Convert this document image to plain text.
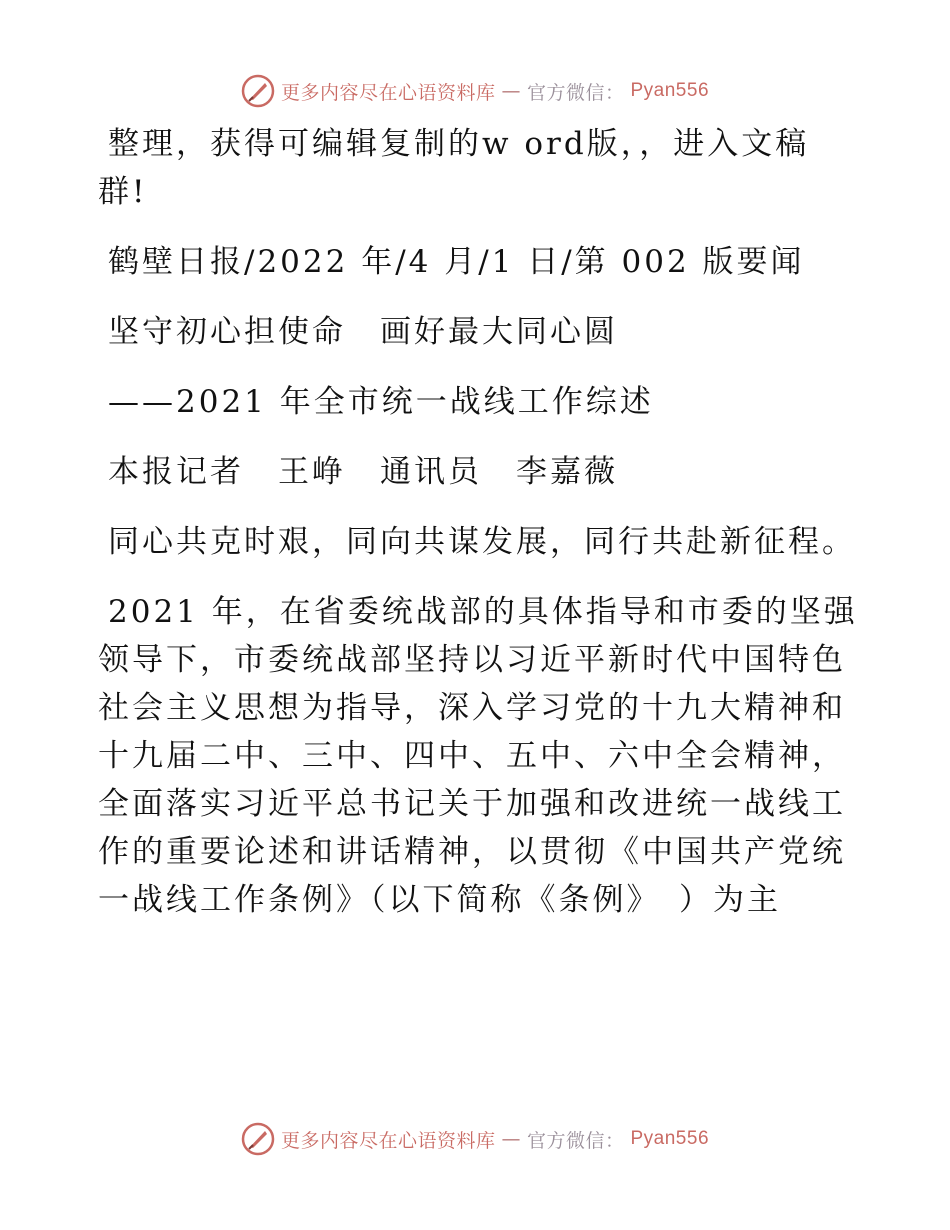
更多内容尽在心语资料库 — 官方微信： Pyan556

整理，获得可编辑复制的w ord版，，进入文稿群!

鹤壁日报/2022 年/4 月/1 日/第 002 版要闻

坚守初心担使命　画好最大同心圆

——2021 年全市统一战线工作综述

本报记者　王峥　通讯员　李嘉薇

同心共克时艰，同向共谋发展，同行共赴新征程。

2021 年，在省委统战部的具体指导和市委的坚强领导下，市委统战部坚持以习近平新时代中国特色社会主义思想为指导，深入学习党的十九大精神和十九届二中、三中、四中、五中、六中全会精神，全面落实习近平总书记关于加强和改进统一战线工作的重要论述和讲话精神，以贯彻《中国共产党统一战线工作条例》（以下简称《条例》　）为主

更多内容尽在心语资料库 — 官方微信： Pyan556
